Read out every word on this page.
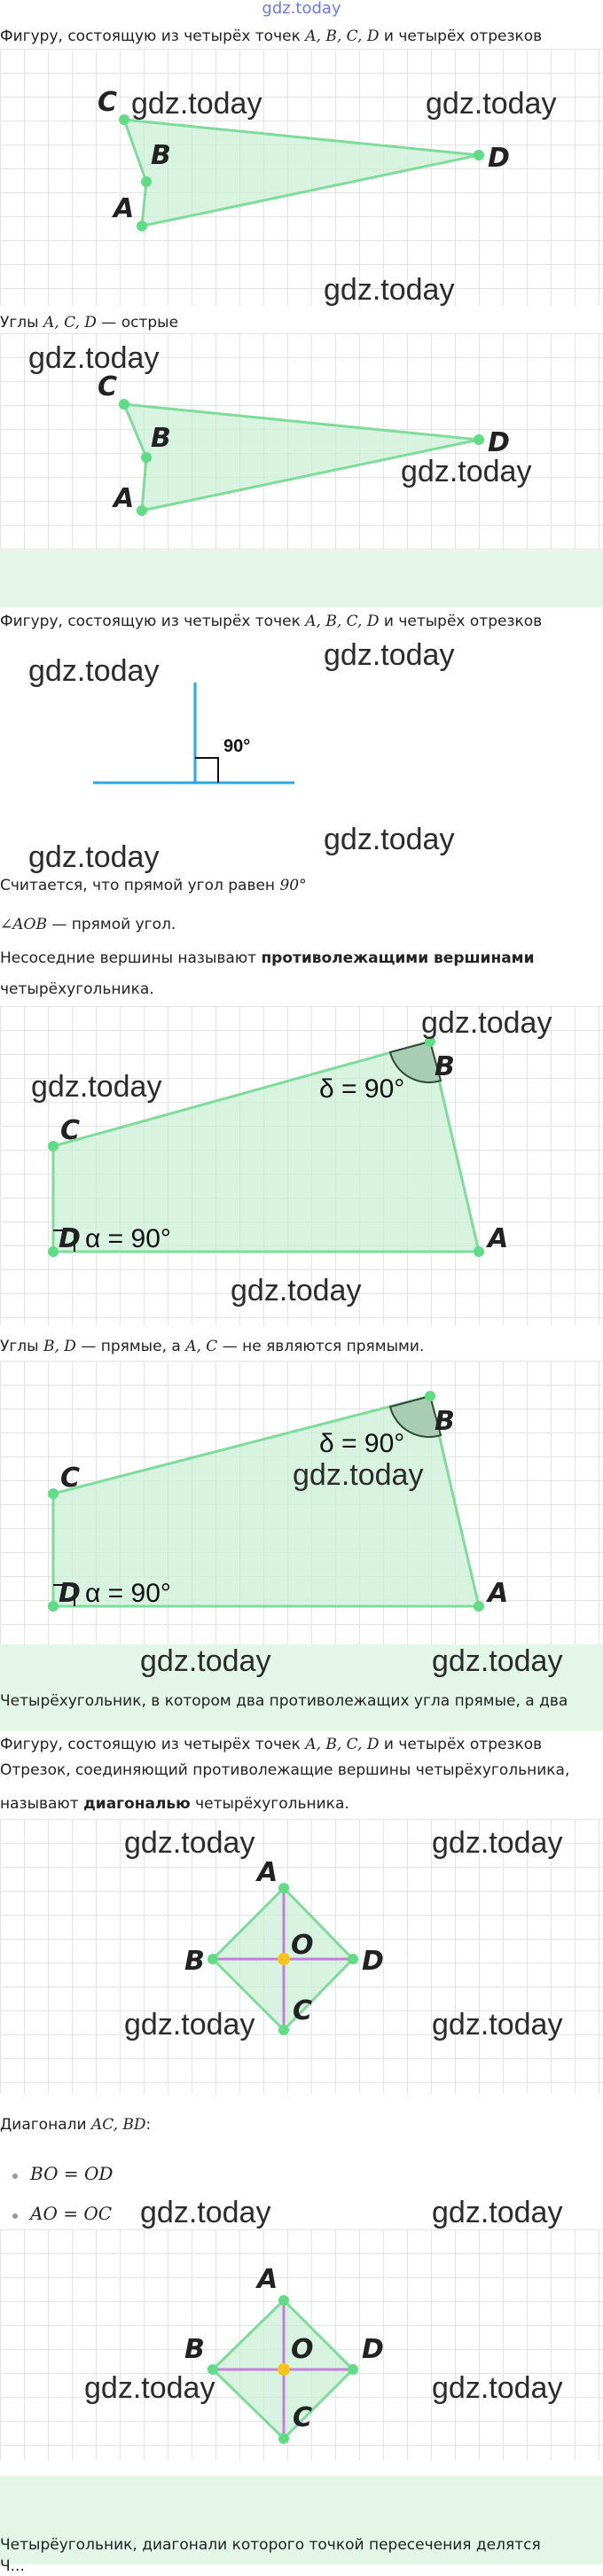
gdz.today
Фигуру, состоящую из четырёх точек A, B, C, D и четырёх отрезков
C
B
A
D
gdz.today	gdz.today
gdz.today
Углы A, C, D — острые
C
B
A
D
gdz.today
gdz.today
Фигуру, состоящую из четырёх точек A, B, C, D и четырёх отрезков
90°
gdz.today	gdz.today
gdz.today
gdz.today
Считается, что прямой угол равен 90°
∠AOB — прямой угол.
Несоседние вершины называют противолежащими вершинами
четырёхугольника.
B
C
D	A
δ = 90°
α = 90°
gdz.today
gdz.today
gdz.today
Углы B, D — прямые, а A, C — не являются прямыми.
B
C
D	A
δ = 90°
α = 90°
gdz.today
gdz.today	gdz.today
Четырёхугольник, в котором два противолежащих угла прямые, а два
Фигуру, состоящую из четырёх точек A, B, C, D и четырёх отрезков
Отрезок, соединяющий противолежащие вершины четырёхугольника,
называют диагональю четырёхугольника.
A
B	D
O
C
gdz.today	gdz.today
gdz.today	gdz.today
Диагонали AC, BD:
BO = OD
AO = OC gdz.today	gdz.today
A
B	D
O
C
gdz.today	gdz.today
Четырёугольник, диагонали которого точкой пересечения делятся
Ч...
